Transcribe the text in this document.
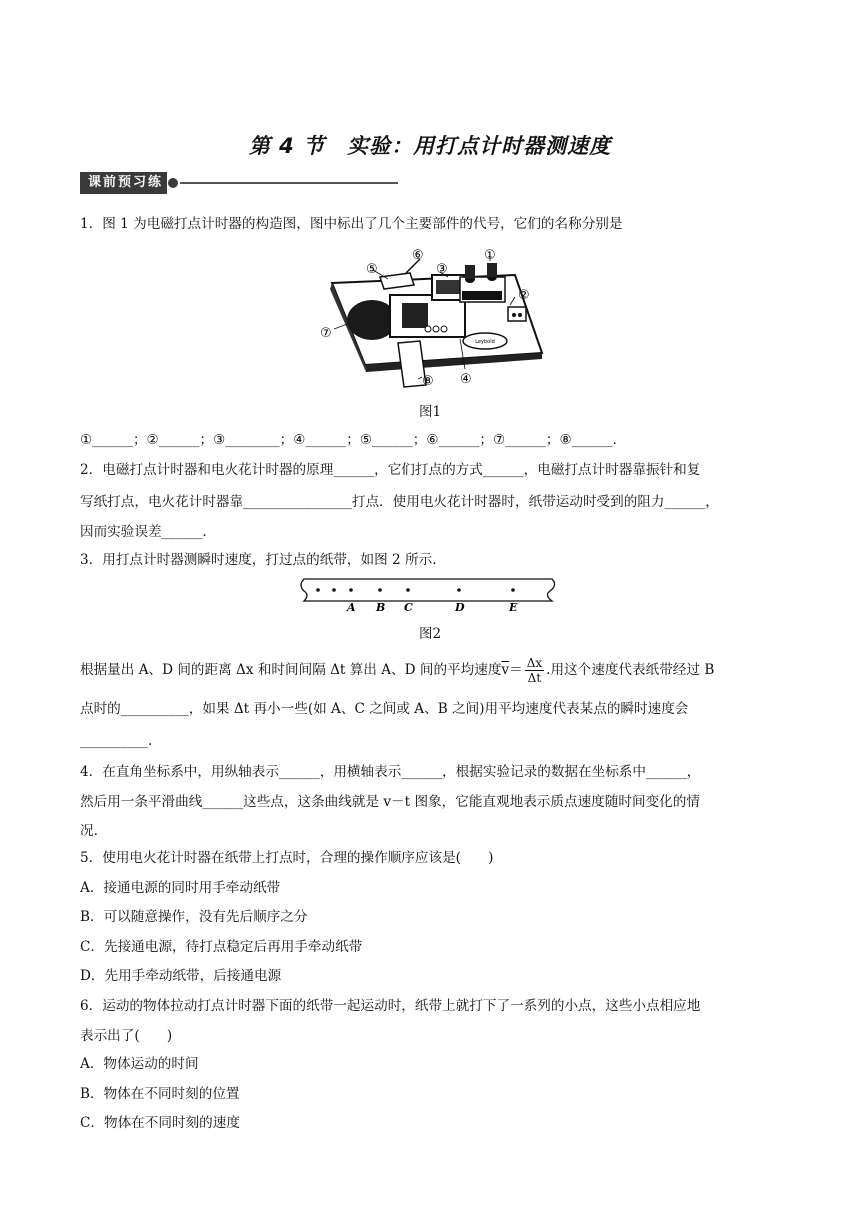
第 4 节　实验：用打点计时器测速度
课前预习练
1．图 1 为电磁打点计时器的构造图，图中标出了几个主要部件的代号，它们的名称分别是
Leybold
⑤
⑥
③
①
②
⑦
④
⑧
图1
①______；②______；③________；④______；⑤______；⑥______；⑦______；⑧______.
2．电磁打点计时器和电火花计时器的原理______，它们打点的方式______，电磁打点计时器靠振针和复
写纸打点，电火花计时器靠________________打点．使用电火花计时器时，纸带运动时受到的阻力______，
因而实验误差______.
3．用打点计时器测瞬时速度，打过点的纸带，如图 2 所示.
A B C	D	E
图2
根据量出 A、D 间的距离 Δx 和时间间隔 Δt 算出 A、D 间的平均速度$\overline{v}= \frac{\Delta x}{\Delta t}$ .用这个速度代表纸带经过 B
点时的__________，如果 Δt 再小一些(如 A、C 之间或 A、B 之间)用平均速度代表某点的瞬时速度会
__________.
4．在直角坐标系中，用纵轴表示______，用横轴表示______，根据实验记录的数据在坐标系中______，
然后用一条平滑曲线______这些点，这条曲线就是 v－t 图象，它能直观地表示质点速度随时间变化的情
况.
5．使用电火花计时器在纸带上打点时，合理的操作顺序应该是(　　)
A．接通电源的同时用手牵动纸带
B．可以随意操作，没有先后顺序之分
C．先接通电源，待打点稳定后再用手牵动纸带
D．先用手牵动纸带，后接通电源
6．运动的物体拉动打点计时器下面的纸带一起运动时，纸带上就打下了一系列的小点，这些小点相应地
表示出了(　　)
A．物体运动的时间
B．物体在不同时刻的位置
C．物体在不同时刻的速度
